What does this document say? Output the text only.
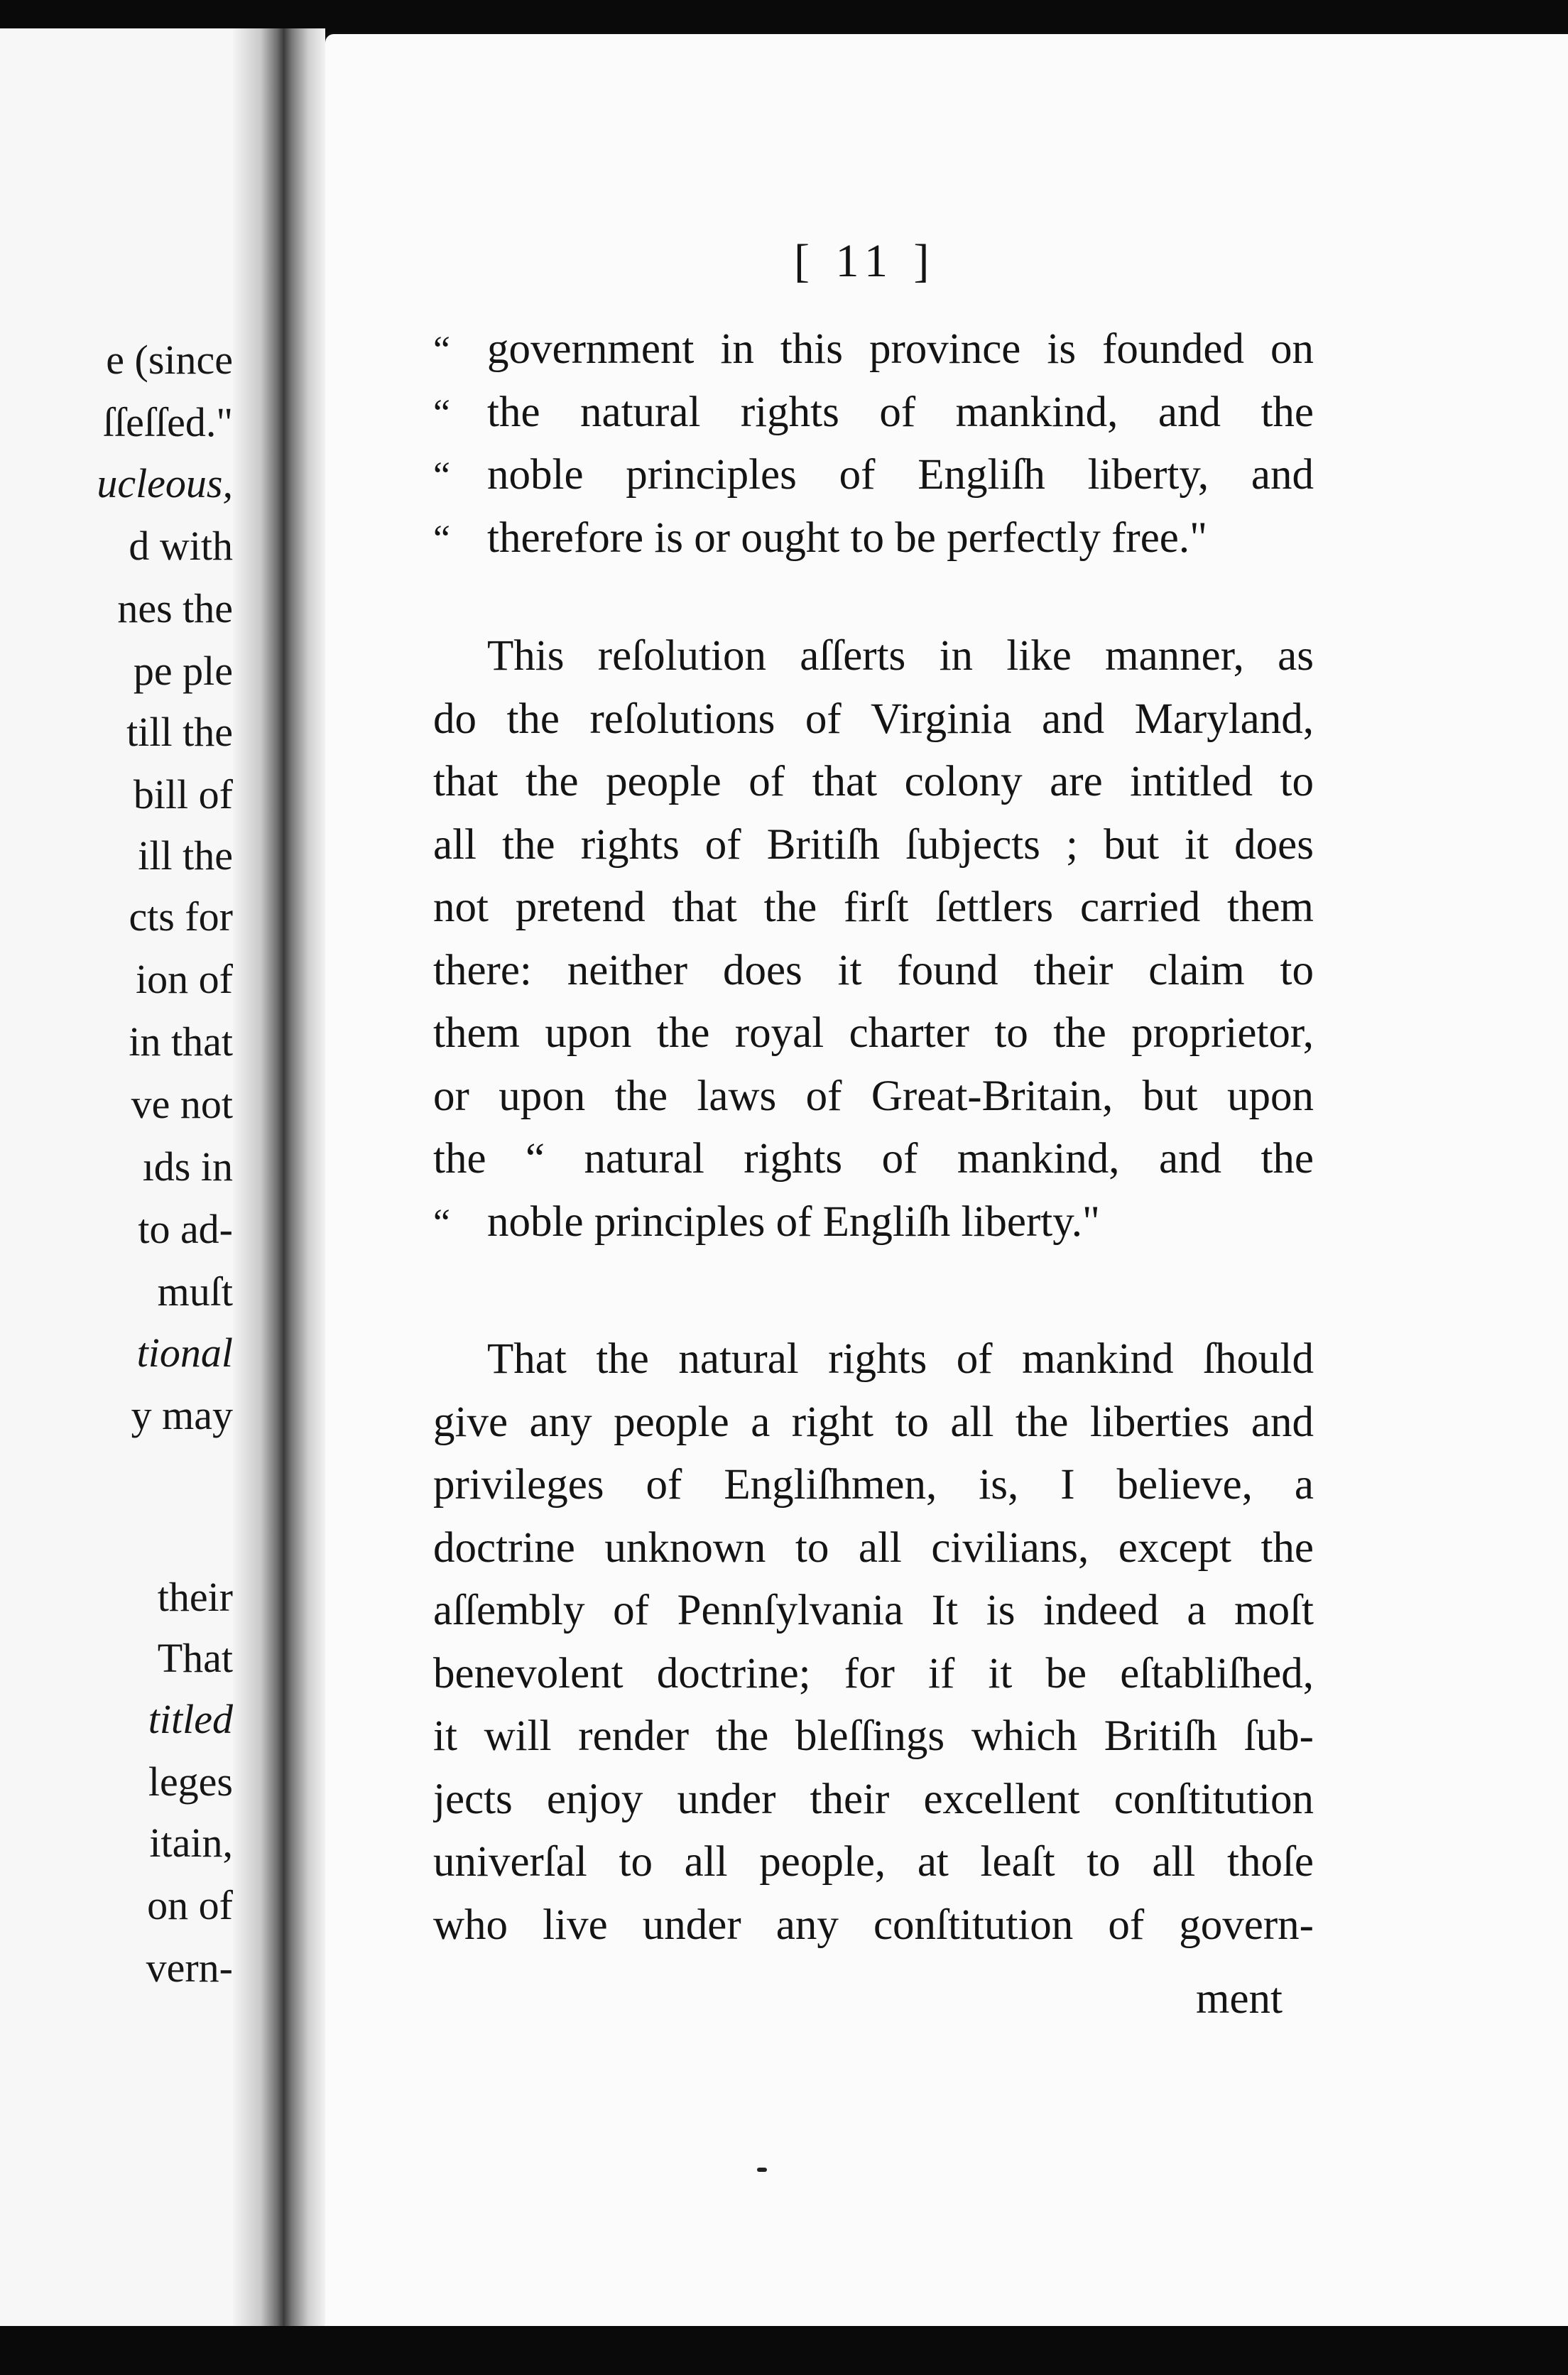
e (since
ſſeſſed."
ucleous,
d with
nes the
pe ple
till the
bill of
ill the
cts for
ion of
in that
ve not
ıds in
to ad-
muſt
tional
y may
their
That
titled
leges
itain,
on of
vern-
[ 11 ]
“ government in this province is founded on
“ the natural rights of mankind, and the
“ noble principles of Engliſh liberty, and
“ therefore is or ought to be perfectly free."
This reſolution aſſerts in like manner, as
do the reſolutions of Virginia and Maryland,
that the people of that colony are intitled to
all the rights of Britiſh ſubjects ; but it does
not pretend that the firſt ſettlers carried them
there: neither does it found their claim to
them upon the royal charter to the proprietor,
or upon the laws of Great-Britain, but upon
the “ natural rights of mankind, and the
“ noble principles of Engliſh liberty."
That the natural rights of mankind ſhould
give any people a right to all the liberties and
privileges of Engliſhmen, is, I believe, a
doctrine unknown to all civilians, except the
aſſembly of Pennſylvania It is indeed a moſt
benevolent doctrine; for if it be eſtabliſhed,
it will render the bleſſings which Britiſh ſub-
jects enjoy under their excellent conſtitution
univerſal to all people, at leaſt to all thoſe
who live under any conſtitution of govern-
ment
